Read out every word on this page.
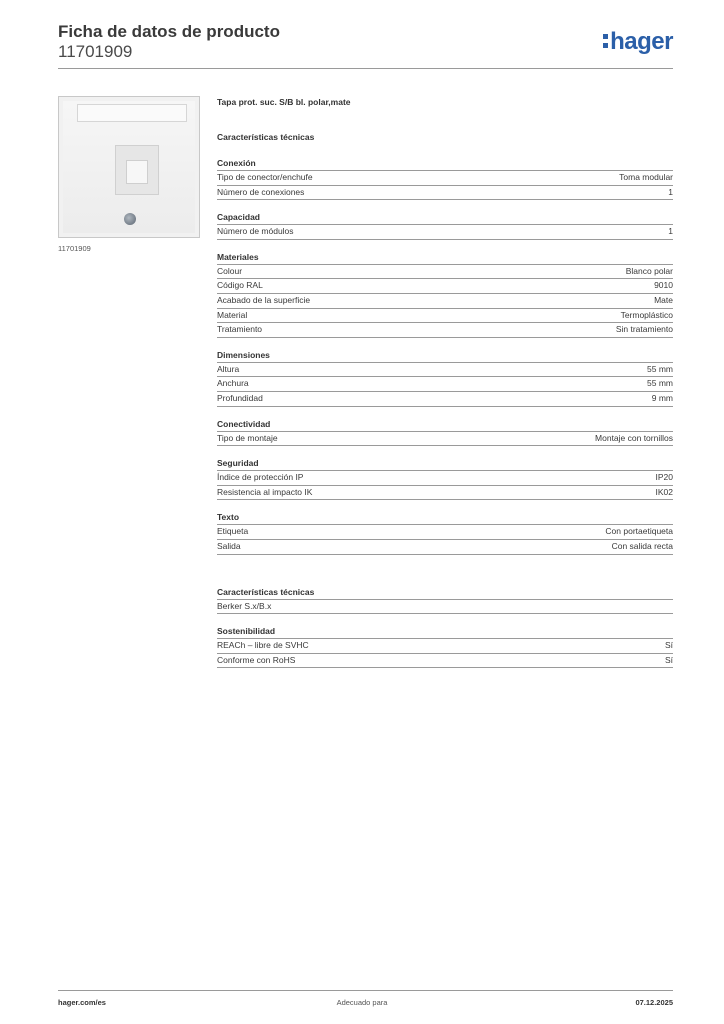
Ficha de datos de producto
11701909	hager
11701909
Tapa prot. suc. S/B bl. polar,mate
Características técnicas
Conexión
Tipo de conector/enchufe	Toma modular
Número de conexiones	1
Capacidad
Número de módulos	1
Materiales
Colour	Blanco polar
Código RAL	9010
Acabado de la superficie	Mate
Material	Termoplástico
Tratamiento	Sin tratamiento
Dimensiones
Altura	55 mm
Anchura	55 mm
Profundidad	9 mm
Conectividad
Tipo de montaje	Montaje con tornillos
Seguridad
Índice de protección IP	IP20
Resistencia al impacto IK	IK02
Texto
Etiqueta	Con portaetiqueta
Salida	Con salida recta
Características técnicas
Berker S.x/B.x
Sostenibilidad
REACh – libre de SVHC	Sí
Conforme con RoHS	Sí
hager.com/es	Adecuado para	07.12.2025
